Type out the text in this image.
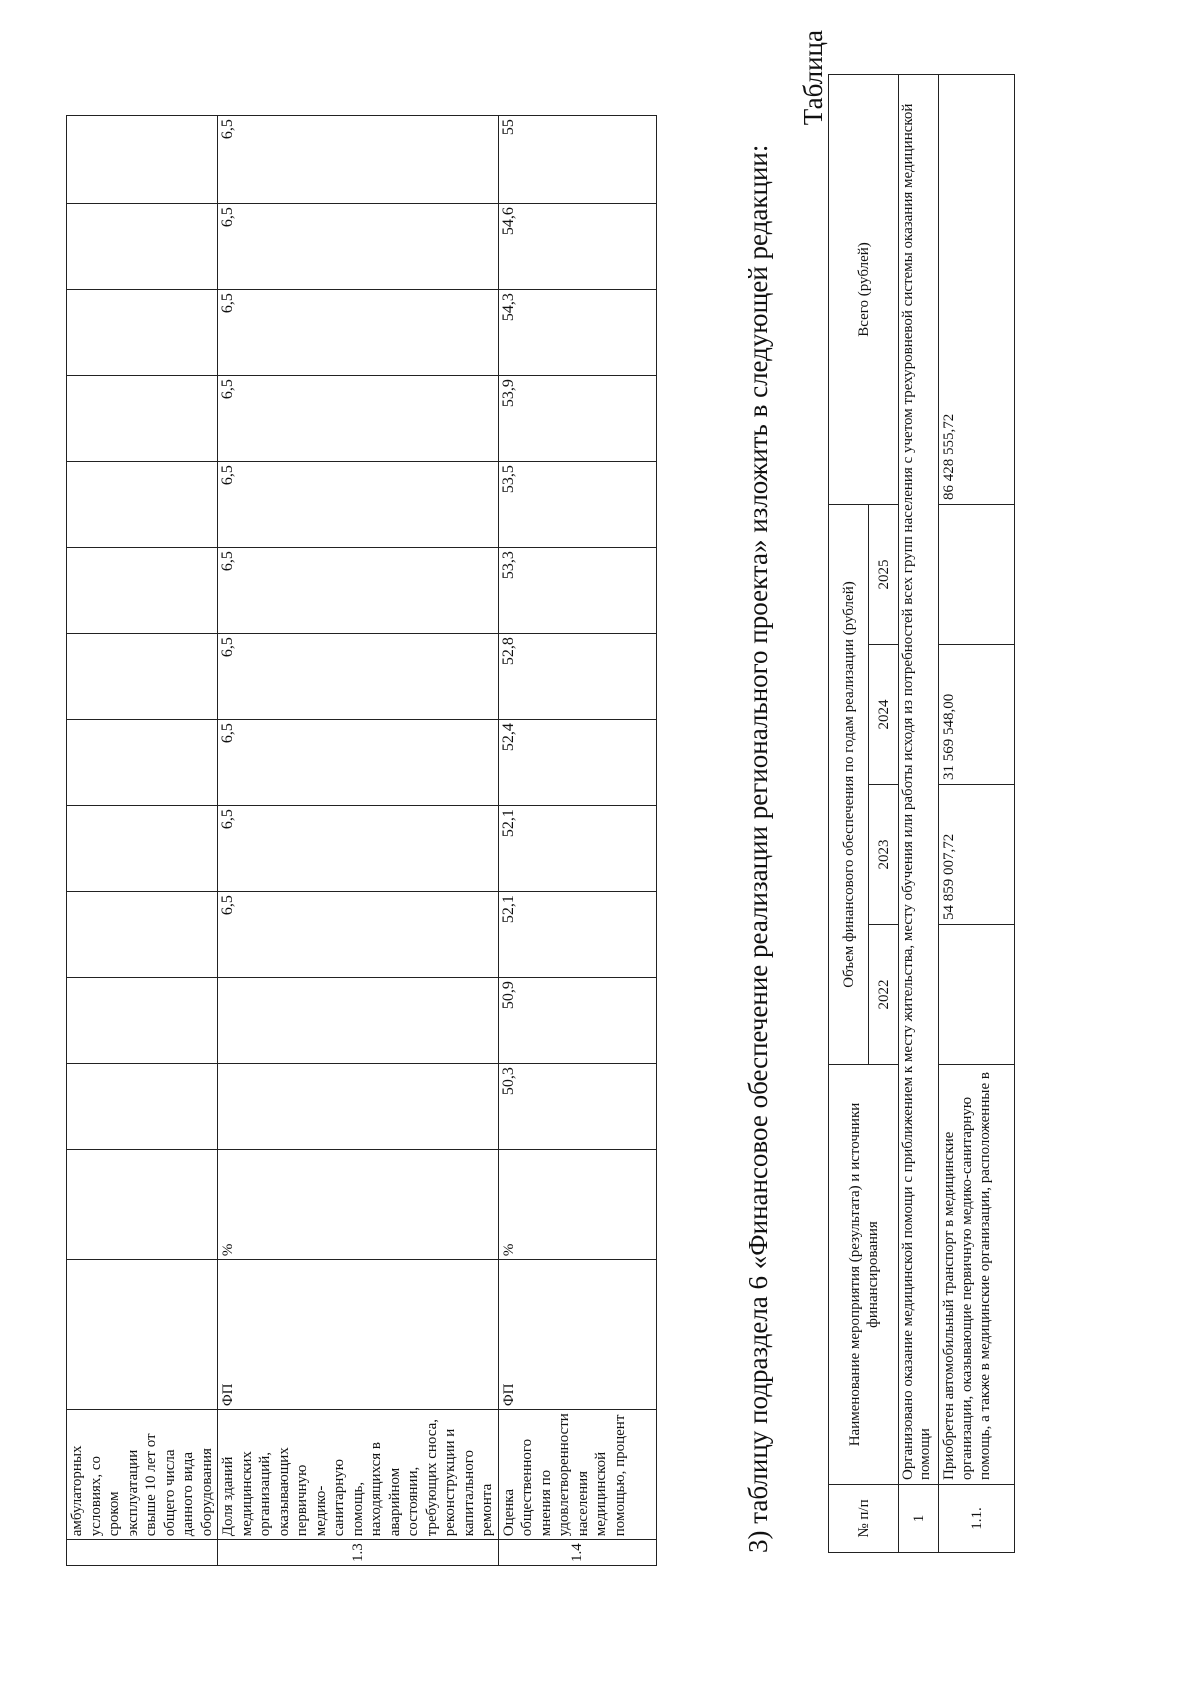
	амбулаторных условиях, со сроком эксплуатации свыше 10 лет от общего числа данного вида оборудования														
1.3	Доля зданий медицинских организаций, оказывающих первичную медико-санитарную помощь, находящихся в аварийном состоянии, требующих сноса, реконструкции и капитального ремонта	ФП	%			6,5	6,5	6,5	6,5	6,5	6,5	6,5	6,5	6,5	6,5
1.4	Оценка общественного мнения по удовлетворенности населения медицинской помощью, процент	ФП	%	50,3	50,9	52,1	52,1	52,4	52,8	53,3	53,5	53,9	54,3	54,6	55
3) таблицу подраздела 6 «Финансовое обеспечение реализации регионального проекта» изложить в следующей редакции:
Таблица
№ п/п	Наименование мероприятия (результата) и источники финансирования	Объем финансового обеспечения по годам реализации (рублей)				Всего (рублей)
		2022	2023	2024	2025	
1	Организовано оказание медицинской помощи с приближением к месту жительства, месту обучения или работы исходя из потребностей всех групп населения с учетом трехуровневой системы оказания медицинской помощи					
1.1.	Приобретен автомобильный транспорт в медицинские организации, оказывающие первичную медико-санитарную помощь, а также в медицинские организации, расположенные в		54 859 007,72	31 569 548,00		86 428 555,72
